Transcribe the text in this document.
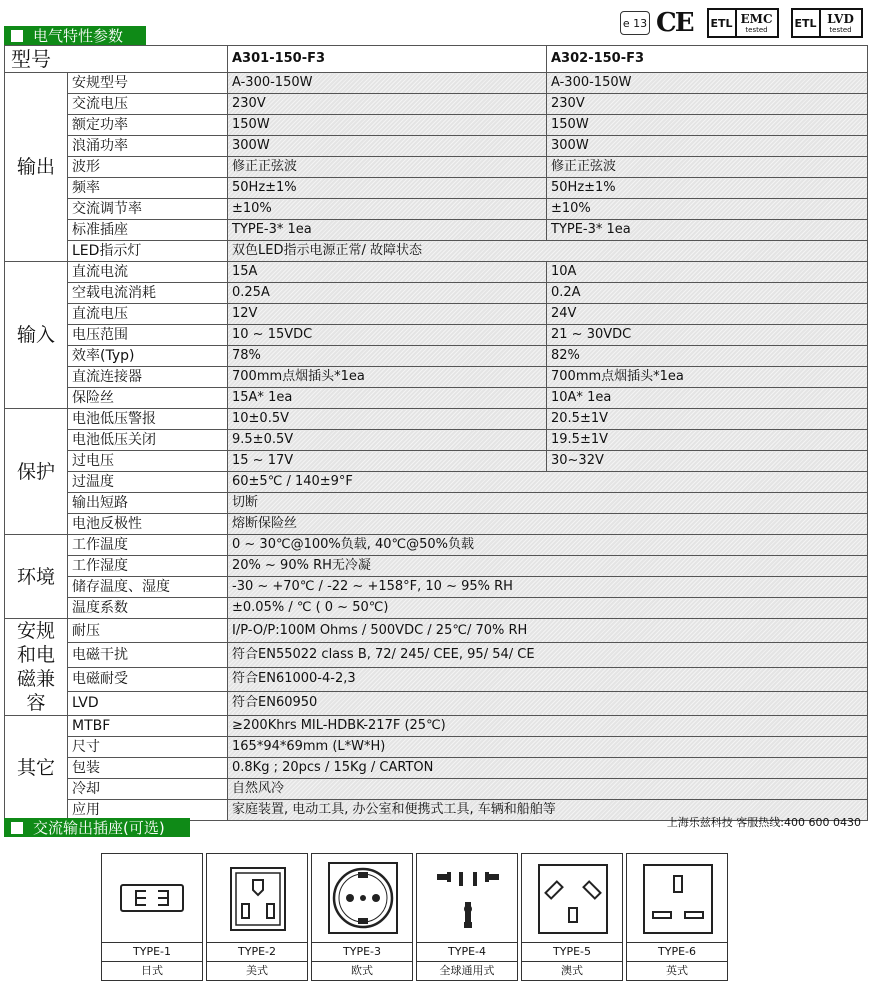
电气特性参数
e 13 CE ETL EMC
tested ETL LVD
tested
型号		A301-150-F3	A302-150-F3
输出	安规型号	A-300-150W	A-300-150W
	交流电压	230V	230V
	额定功率	150W	150W
	浪涌功率	300W	300W
	波形	修正正弦波	修正正弦波
	频率	50Hz±1%	50Hz±1%
	交流调节率	±10%	±10%
	标准插座	TYPE-3* 1ea	TYPE-3* 1ea
	LED指示灯	双色LED指示电源正常/ 故障状态	
输入	直流电流	15A	10A
	空载电流消耗	0.25A	0.2A
	直流电压	12V	24V
	电压范围	10 ~ 15VDC	21 ~ 30VDC
	效率(Typ)	78%	82%
	直流连接器	700mm点烟插头*1ea	700mm点烟插头*1ea
	保险丝	15A* 1ea	10A* 1ea
保护	电池低压警报	10±0.5V	20.5±1V
	电池低压关闭	9.5±0.5V	19.5±1V
	过电压	15 ~ 17V	30~32V
	过温度	60±5℃ / 140±9°F	
	输出短路	切断	
	电池反极性	熔断保险丝	
环境	工作温度	0 ~ 30℃@100%负载, 40℃@50%负载	
	工作湿度	20% ~ 90% RH无冷凝	
	储存温度、湿度	-30 ~ +70℃ / -22 ~ +158°F, 10 ~ 95% RH	
	温度系数	±0.05% / ℃ ( 0 ~ 50℃)	
安规和电磁兼容	耐压	I/P-O/P:100M Ohms / 500VDC / 25℃/ 70% RH	
	电磁干扰	符合EN55022 class B, 72/ 245/ CEE, 95/ 54/ CE	
	电磁耐受	符合EN61000-4-2,3	
	LVD	符合EN60950	
其它	MTBF	≥200Khrs MIL-HDBK-217F (25℃)	
	尺寸	165*94*69mm (L*W*H)	
	包装	0.8Kg ; 20pcs / 15Kg / CARTON	
	冷却	自然风冷	
	应用	家庭装置, 电动工具, 办公室和便携式工具, 车辆和船舶等	
交流输出插座(可选)	上海乐兹科技 客服热线:400 600 0430
TYPE-1
日式
TYPE-2
美式
TYPE-3
欧式
TYPE-4
全球通用式
TYPE-5
澳式
TYPE-6
英式
